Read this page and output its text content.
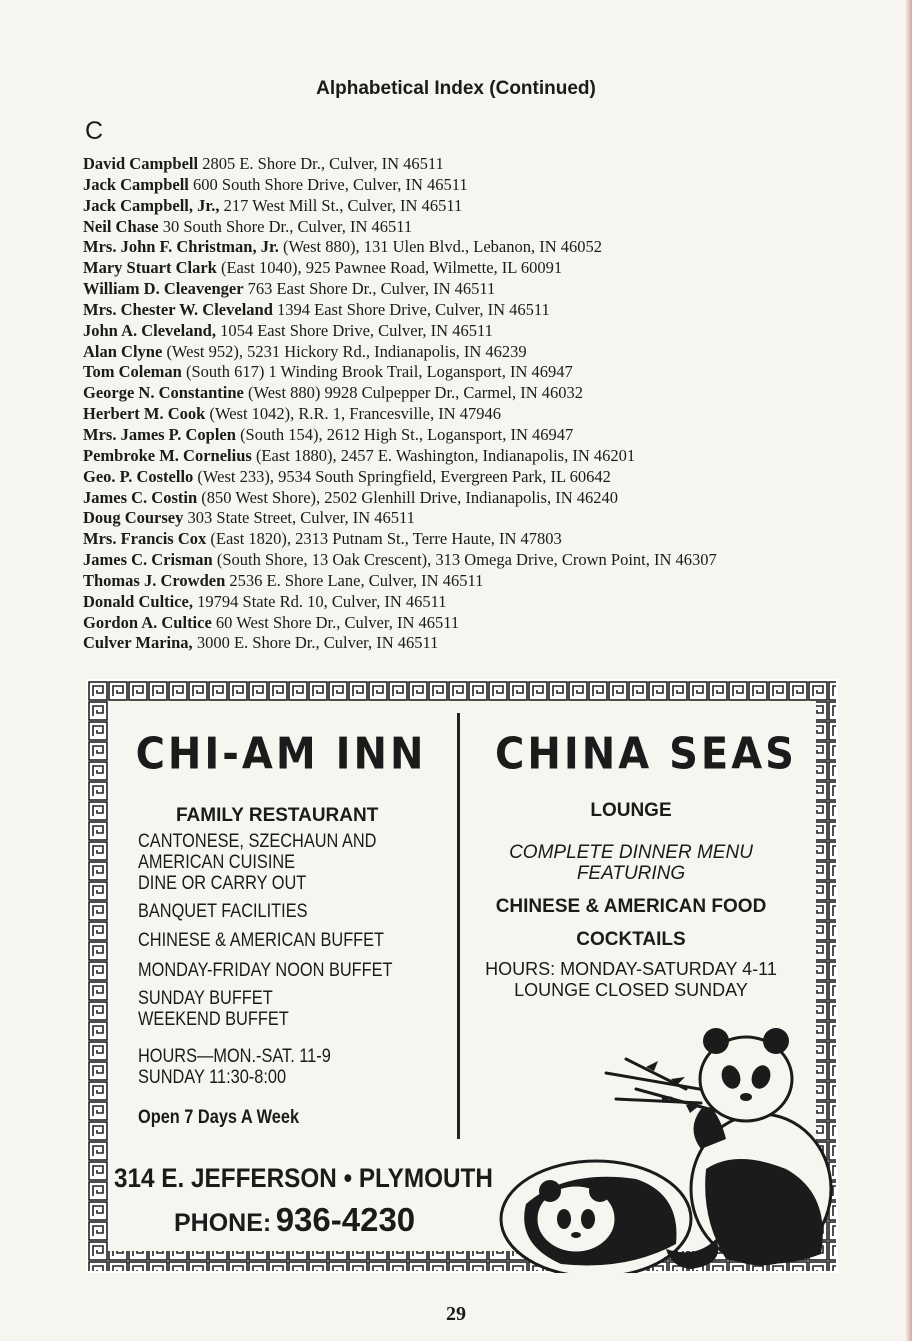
Alphabetical Index (Continued)
C
David Campbell 2805 E. Shore Dr., Culver, IN 46511
Jack Campbell 600 South Shore Drive, Culver, IN 46511
Jack Campbell, Jr., 217 West Mill St., Culver, IN 46511
Neil Chase 30 South Shore Dr., Culver, IN 46511
Mrs. John F. Christman, Jr. (West 880), 131 Ulen Blvd., Lebanon, IN 46052
Mary Stuart Clark (East 1040), 925 Pawnee Road, Wilmette, IL 60091
William D. Cleavenger 763 East Shore Dr., Culver, IN 46511
Mrs. Chester W. Cleveland 1394 East Shore Drive, Culver, IN 46511
John A. Cleveland, 1054 East Shore Drive, Culver, IN 46511
Alan Clyne (West 952), 5231 Hickory Rd., Indianapolis, IN 46239
Tom Coleman (South 617) 1 Winding Brook Trail, Logansport, IN 46947
George N. Constantine (West 880) 9928 Culpepper Dr., Carmel, IN 46032
Herbert M. Cook (West 1042), R.R. 1, Francesville, IN 47946
Mrs. James P. Coplen (South 154), 2612 High St., Logansport, IN 46947
Pembroke M. Cornelius (East 1880), 2457 E. Washington, Indianapolis, IN 46201
Geo. P. Costello (West 233), 9534 South Springfield, Evergreen Park, IL 60642
James C. Costin (850 West Shore), 2502 Glenhill Drive, Indianapolis, IN 46240
Doug Coursey 303 State Street, Culver, IN 46511
Mrs. Francis Cox (East 1820), 2313 Putnam St., Terre Haute, IN 47803
James C. Crisman (South Shore, 13 Oak Crescent), 313 Omega Drive, Crown Point, IN 46307
Thomas J. Crowden 2536 E. Shore Lane, Culver, IN 46511
Donald Cultice, 19794 State Rd. 10, Culver, IN 46511
Gordon A. Cultice 60 West Shore Dr., Culver, IN 46511
Culver Marina, 3000 E. Shore Dr., Culver, IN 46511
CHI-AM INN
FAMILY RESTAURANT
CANTONESE, SZECHAUN AND
AMERICAN CUISINE
DINE OR CARRY OUT
BANQUET FACILITIES
CHINESE & AMERICAN BUFFET
MONDAY-FRIDAY NOON BUFFET
SUNDAY BUFFET
WEEKEND BUFFET
HOURS—MON.-SAT. 11-9
SUNDAY 11:30-8:00
Open 7 Days A Week
CHINA SEAS
LOUNGE
COMPLETE DINNER MENU
FEATURING
CHINESE & AMERICAN FOOD
COCKTAILS
HOURS: MONDAY-SATURDAY 4-11
LOUNGE CLOSED SUNDAY
314 E. JEFFERSON • PLYMOUTH
PHONE: 936-4230
29
